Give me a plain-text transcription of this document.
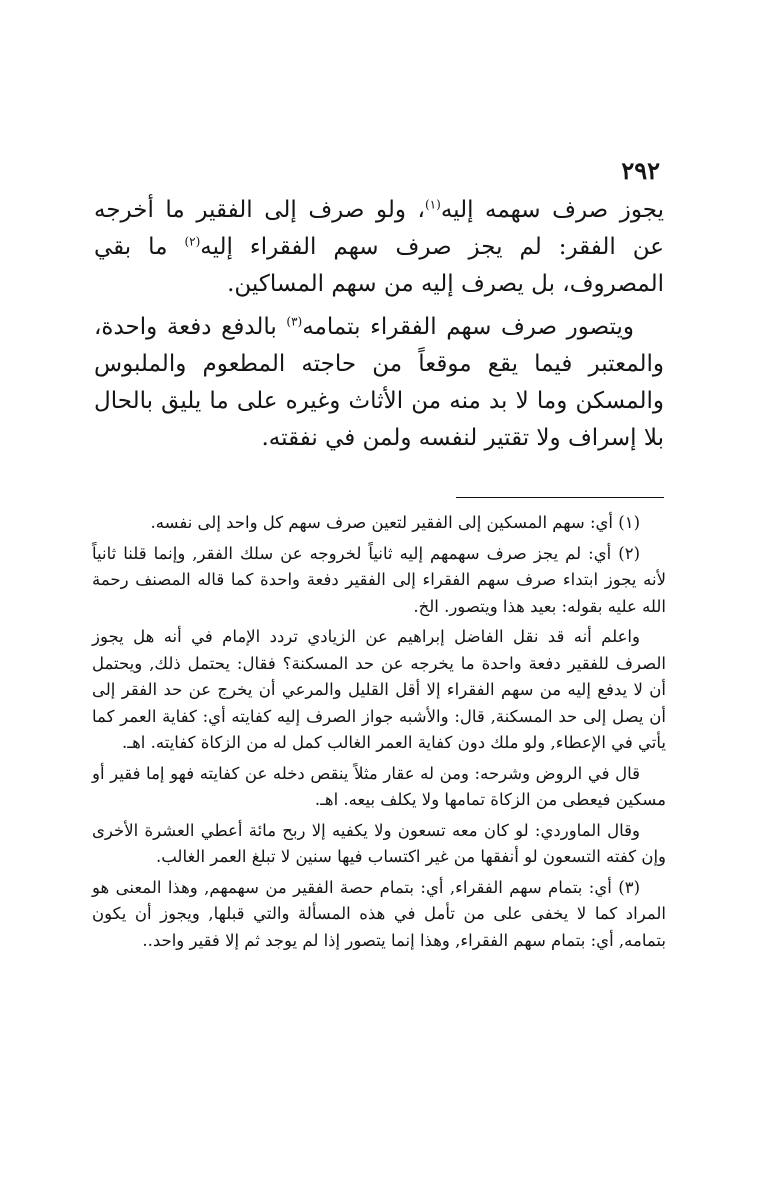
٢٩٢

يجوز صرف سهمه إليه$^{(١)}$، ولو صرف إلى الفقير ما أخرجه عن الفقر: لم يجز صرف سهم الفقراء إليه$^{(٢)}$ ما بقي المصروف، بل يصرف إليه من سهم المساكين.

ويتصور صرف سهم الفقراء بتمامه$^{(٣)}$ بالدفع دفعة واحدة، والمعتبر فيما يقع موقعاً من حاجته المطعوم والملبوس والمسكن وما لا بد منه من الأثاث وغيره على ما يليق بالحال بلا إسراف ولا تقتير لنفسه ولمن في نفقته.

(١) أي: سهم المسكين إلى الفقير لتعين صرف سهم كل واحد إلى نفسه.

(٢) أي: لم يجز صرف سهمهم إليه ثانياً لخروجه عن سلك الفقر, وإنما قلنا ثانياً لأنه يجوز ابتداء صرف سهم الفقراء إلى الفقير دفعة واحدة كما قاله المصنف رحمة الله عليه بقوله: بعيد هذا ويتصور. الخ.

واعلم أنه قد نقل الفاضل إبراهيم عن الزيادي تردد الإمام في أنه هل يجوز الصرف للفقير دفعة واحدة ما يخرجه عن حد المسكنة؟ فقال: يحتمل ذلك, ويحتمل أن لا يدفع إليه من سهم الفقراء إلا أقل القليل والمرعي أن يخرج عن حد الفقر إلى أن يصل إلى حد المسكنة, قال: والأشبه جواز الصرف إليه كفايته أي: كفاية العمر كما يأتي في الإعطاء, ولو ملك دون كفاية العمر الغالب كمل له من الزكاة كفايته. اهـ.

قال في الروض وشرحه: ومن له عقار مثلاً ينقص دخله عن كفايته فهو إما فقير أو مسكين فيعطى من الزكاة تمامها ولا يكلف بيعه. اهـ.

وقال الماوردي: لو كان معه تسعون ولا يكفيه إلا ربح مائة أعطي العشرة الأخرى وإن كفته التسعون لو أنفقها من غير اكتساب فيها سنين لا تبلغ العمر الغالب.

(٣) أي: بتمام سهم الفقراء, أي: بتمام حصة الفقير من سهمهم, وهذا المعنى هو المراد كما لا يخفى على من تأمل في هذه المسألة والتي قبلها, ويجوز أن يكون بتمامه, أي: بتمام سهم الفقراء, وهذا إنما يتصور إذا لم يوجد ثم إلا فقير واحد..
